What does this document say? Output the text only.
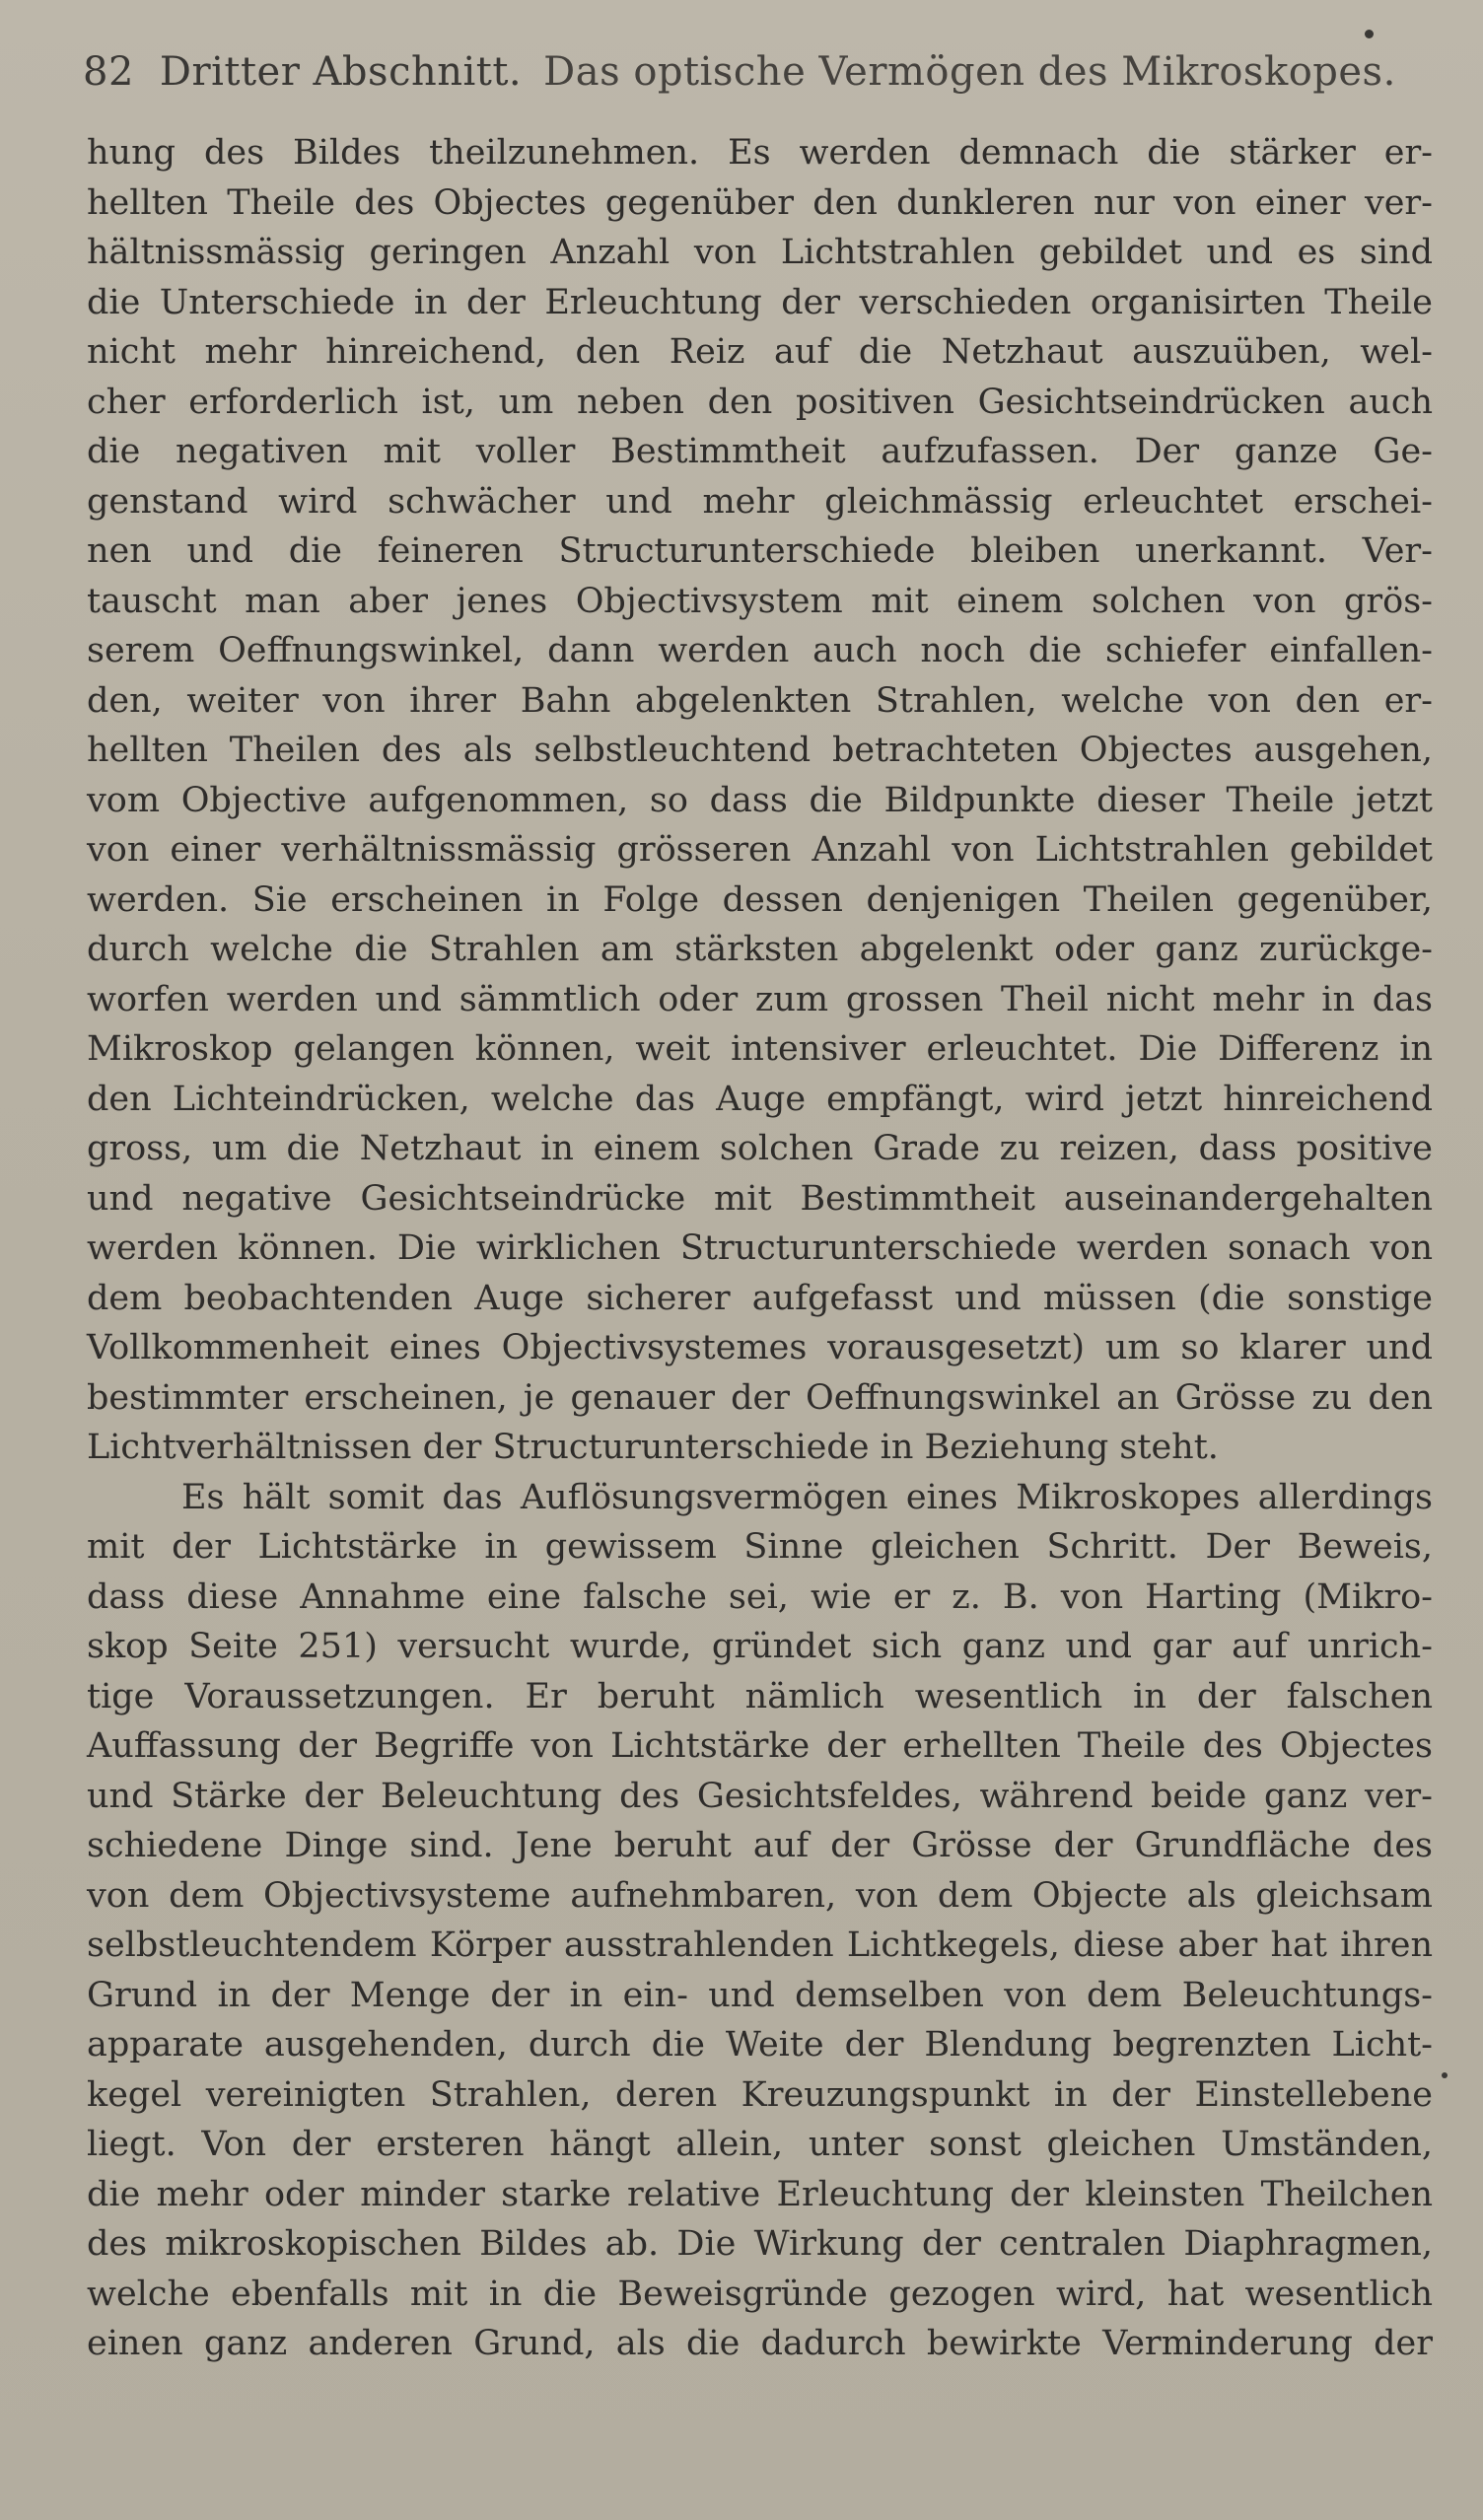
82 Dritter Abschnitt. Das optische Vermögen des Mikroskopes.
hung des Bildes theilzunehmen. Es werden demnach die stärker er-
hellten Theile des Objectes gegenüber den dunkleren nur von einer ver-
hältnissmässig geringen Anzahl von Lichtstrahlen gebildet und es sind
die Unterschiede in der Erleuchtung der verschieden organisirten Theile
nicht mehr hinreichend, den Reiz auf die Netzhaut auszuüben, wel-
cher erforderlich ist, um neben den positiven Gesichtseindrücken auch
die negativen mit voller Bestimmtheit aufzufassen. Der ganze Ge-
genstand wird schwächer und mehr gleichmässig erleuchtet erschei-
nen und die feineren Structurunterschiede bleiben unerkannt. Ver-
tauscht man aber jenes Objectivsystem mit einem solchen von grös-
serem Oeffnungswinkel, dann werden auch noch die schiefer einfallen-
den, weiter von ihrer Bahn abgelenkten Strahlen, welche von den er-
hellten Theilen des als selbstleuchtend betrachteten Objectes ausgehen,
vom Objective aufgenommen, so dass die Bildpunkte dieser Theile jetzt
von einer verhältnissmässig grösseren Anzahl von Lichtstrahlen gebildet
werden. Sie erscheinen in Folge dessen denjenigen Theilen gegenüber,
durch welche die Strahlen am stärksten abgelenkt oder ganz zurückge-
worfen werden und sämmtlich oder zum grossen Theil nicht mehr in das
Mikroskop gelangen können, weit intensiver erleuchtet. Die Differenz in
den Lichteindrücken, welche das Auge empfängt, wird jetzt hinreichend
gross, um die Netzhaut in einem solchen Grade zu reizen, dass positive
und negative Gesichtseindrücke mit Bestimmtheit auseinandergehalten
werden können. Die wirklichen Structurunterschiede werden sonach von
dem beobachtenden Auge sicherer aufgefasst und müssen (die sonstige
Vollkommenheit eines Objectivsystemes vorausgesetzt) um so klarer und
bestimmter erscheinen, je genauer der Oeffnungswinkel an Grösse zu den
Lichtverhältnissen der Structurunterschiede in Beziehung steht.
Es hält somit das Auflösungsvermögen eines Mikroskopes allerdings
mit der Lichtstärke in gewissem Sinne gleichen Schritt. Der Beweis,
dass diese Annahme eine falsche sei, wie er z. B. von Harting (Mikro-
skop Seite 251) versucht wurde, gründet sich ganz und gar auf unrich-
tige Voraussetzungen. Er beruht nämlich wesentlich in der falschen
Auffassung der Begriffe von Lichtstärke der erhellten Theile des Objectes
und Stärke der Beleuchtung des Gesichtsfeldes, während beide ganz ver-
schiedene Dinge sind. Jene beruht auf der Grösse der Grundfläche des
von dem Objectivsysteme aufnehmbaren, von dem Objecte als gleichsam
selbstleuchtendem Körper ausstrahlenden Lichtkegels, diese aber hat ihren
Grund in der Menge der in ein- und demselben von dem Beleuchtungs-
apparate ausgehenden, durch die Weite der Blendung begrenzten Licht-
kegel vereinigten Strahlen, deren Kreuzungspunkt in der Einstellebene
liegt. Von der ersteren hängt allein, unter sonst gleichen Umständen,
die mehr oder minder starke relative Erleuchtung der kleinsten Theilchen
des mikroskopischen Bildes ab. Die Wirkung der centralen Diaphragmen,
welche ebenfalls mit in die Beweisgründe gezogen wird, hat wesentlich
einen ganz anderen Grund, als die dadurch bewirkte Verminderung der
